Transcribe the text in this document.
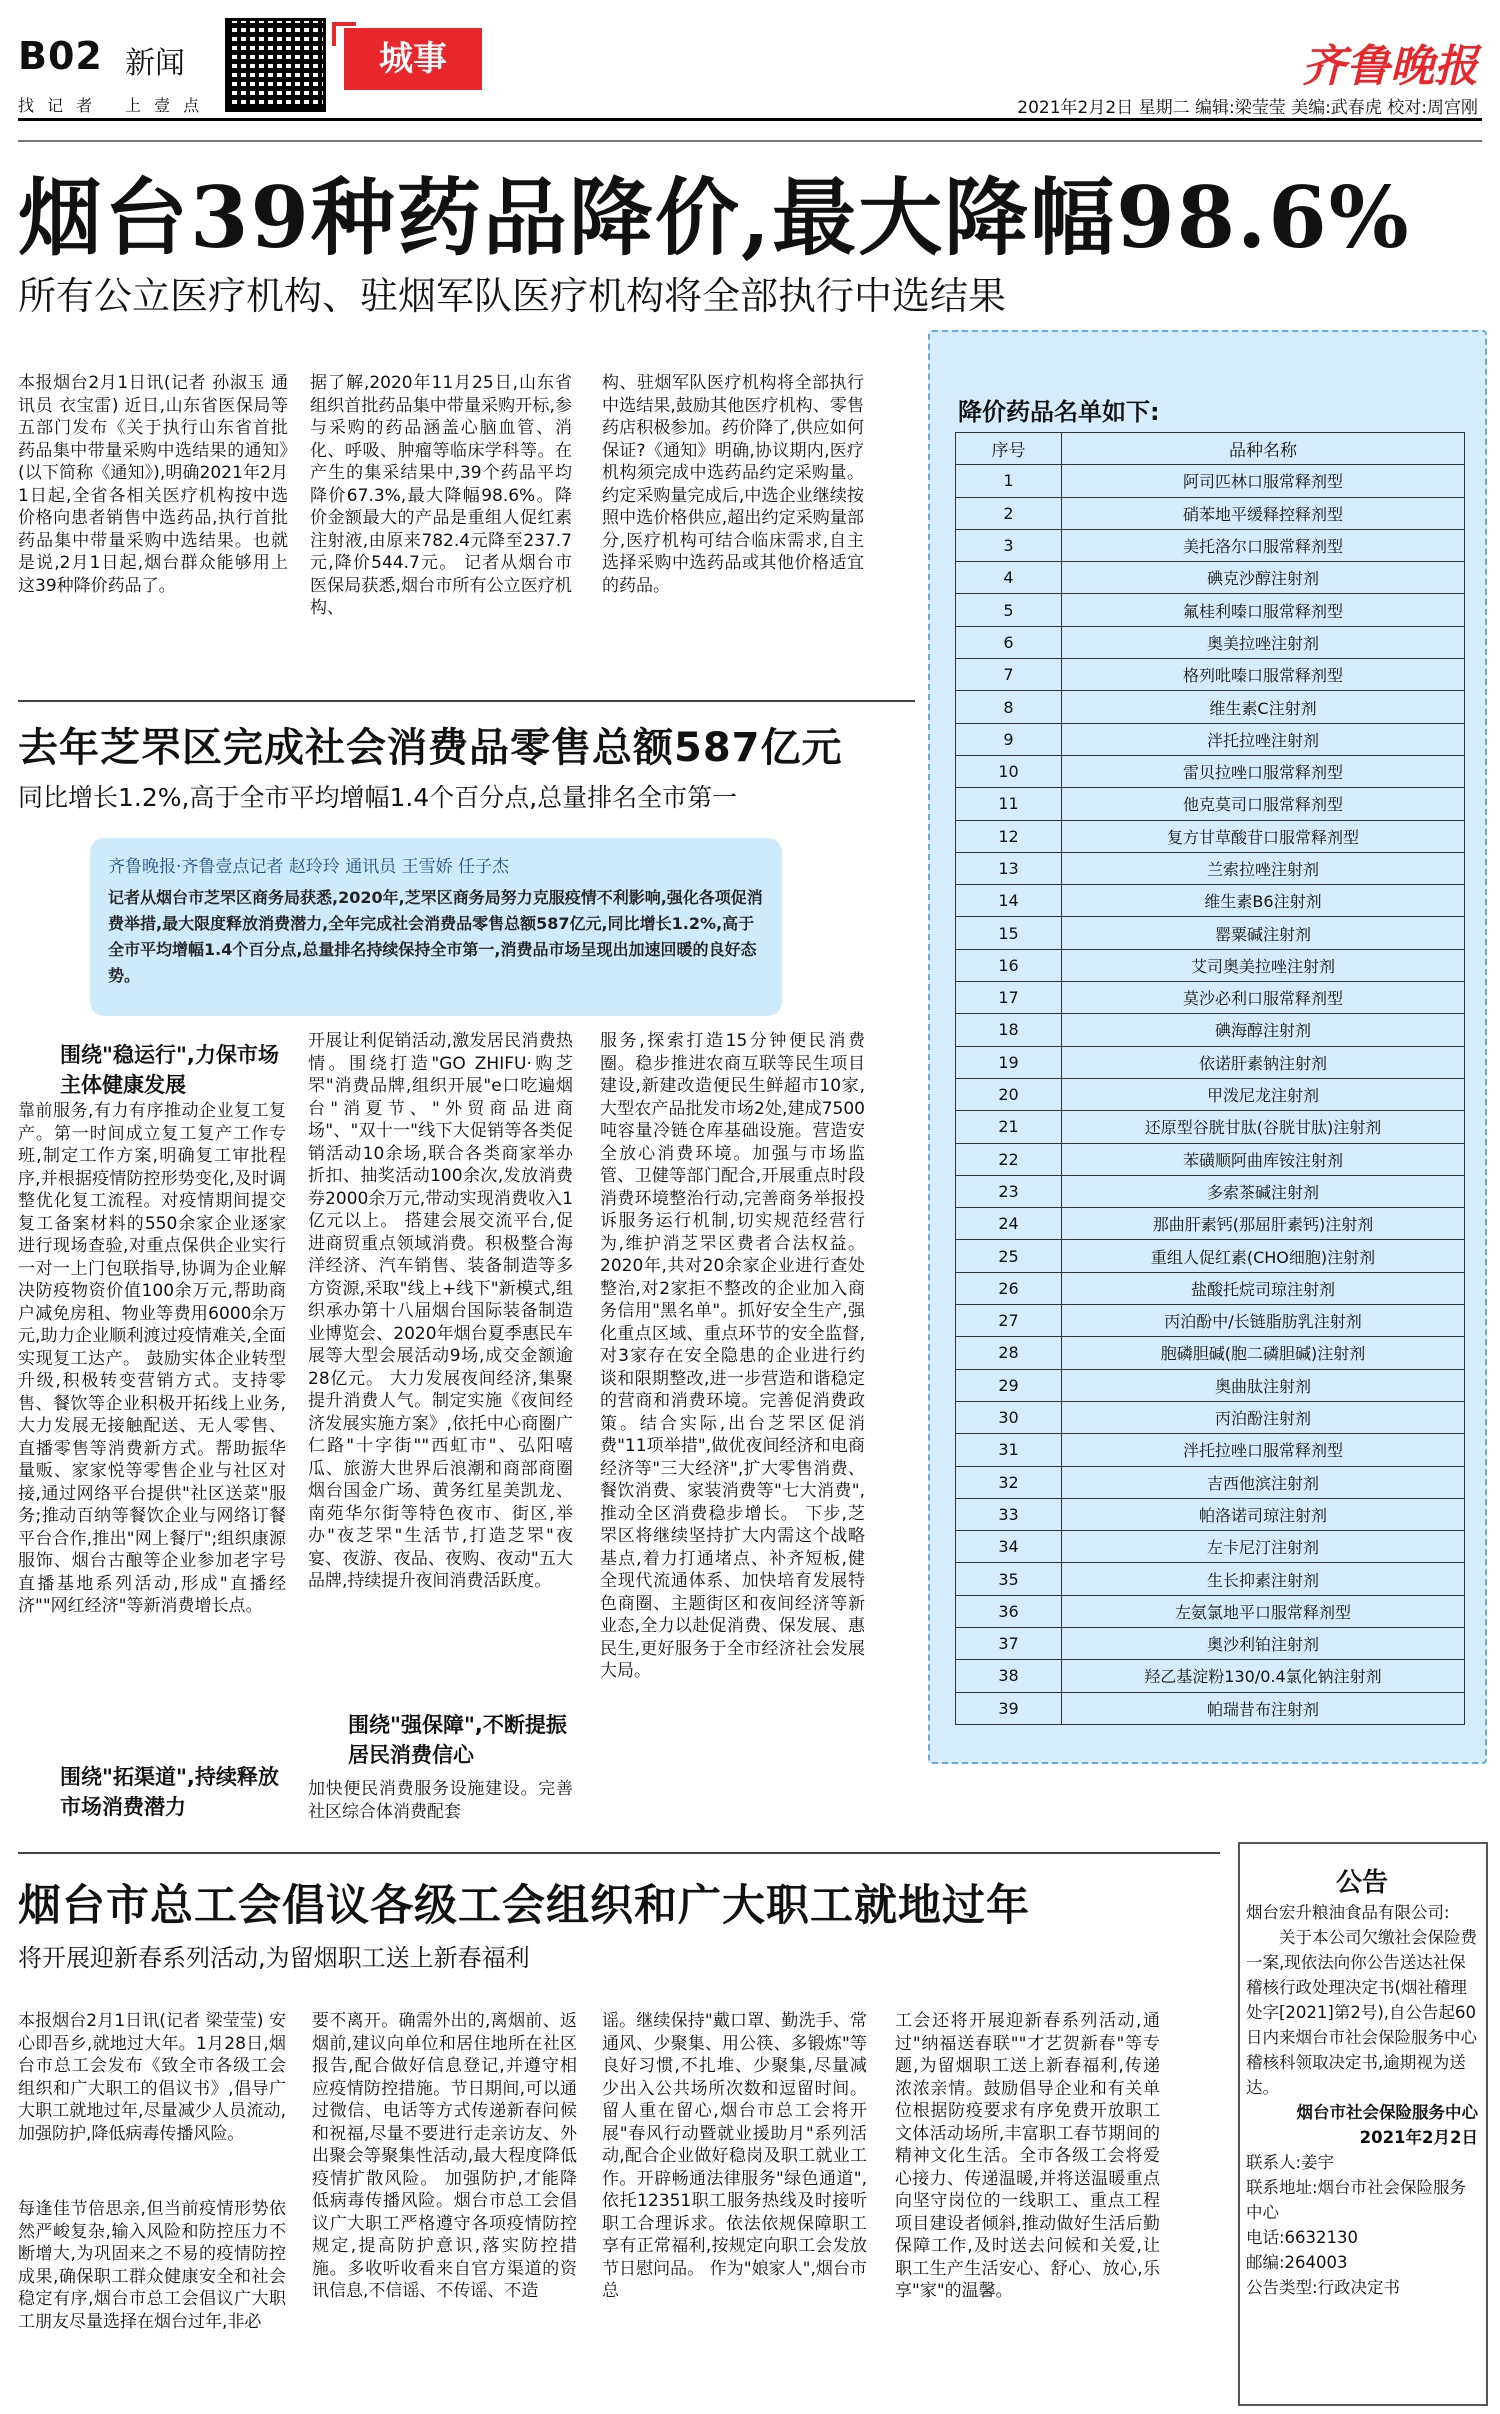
B02 新闻
找 记 者 上 壹 点
城事	齐鲁晚报
2021年2月2日 星期二 编辑:梁莹莹 美编:武春虎 校对:周宫刚
烟台39种药品降价,最大降幅98.6%
所有公立医疗机构、驻烟军队医疗机构将全部执行中选结果
本报烟台2月1日讯(记者 孙淑玉 通讯员 衣宝雷) 近日,山东省医保局等五部门发布《关于执行山东省首批药品集中带量采购中选结果的通知》(以下简称《通知》),明确2021年2月1日起,全省各相关医疗机构按中选价格向患者销售中选药品,执行首批药品集中带量采购中选结果。也就是说,2月1日起,烟台群众能够用上这39种降价药品了。
据了解,2020年11月25日,山东省组织首批药品集中带量采购开标,参与采购的药品涵盖心脑血管、消化、呼吸、肿瘤等临床学科等。在产生的集采结果中,39个药品平均降价67.3%,最大降幅98.6%。降价金额最大的产品是重组人促红素注射液,由原来782.4元降至237.7元,降价544.7元。 记者从烟台市医保局获悉,烟台市所有公立医疗机构、
构、驻烟军队医疗机构将全部执行中选结果,鼓励其他医疗机构、零售药店积极参加。药价降了,供应如何保证?《通知》明确,协议期内,医疗机构须完成中选药品约定采购量。约定采购量完成后,中选企业继续按照中选价格供应,超出约定采购量部分,医疗机构可结合临床需求,自主选择采购中选药品或其他价格适宜的药品。
降价药品名单如下:
序号	品种名称
1	阿司匹林口服常释剂型
2	硝苯地平缓释控释剂型
3	美托洛尔口服常释剂型
4	碘克沙醇注射剂
5	氟桂利嗪口服常释剂型
6	奥美拉唑注射剂
7	格列吡嗪口服常释剂型
8	维生素C注射剂
9	泮托拉唑注射剂
10	雷贝拉唑口服常释剂型
11	他克莫司口服常释剂型
12	复方甘草酸苷口服常释剂型
13	兰索拉唑注射剂
14	维生素B6注射剂
15	罂粟碱注射剂
16	艾司奥美拉唑注射剂
17	莫沙必利口服常释剂型
18	碘海醇注射剂
19	依诺肝素钠注射剂
20	甲泼尼龙注射剂
21	还原型谷胱甘肽(谷胱甘肽)注射剂
22	苯磺顺阿曲库铵注射剂
23	多索茶碱注射剂
24	那曲肝素钙(那屈肝素钙)注射剂
25	重组人促红素(CHO细胞)注射剂
26	盐酸托烷司琼注射剂
27	丙泊酚中/长链脂肪乳注射剂
28	胞磷胆碱(胞二磷胆碱)注射剂
29	奥曲肽注射剂
30	丙泊酚注射剂
31	泮托拉唑口服常释剂型
32	吉西他滨注射剂
33	帕洛诺司琼注射剂
34	左卡尼汀注射剂
35	生长抑素注射剂
36	左氨氯地平口服常释剂型
37	奥沙利铂注射剂
38	羟乙基淀粉130/0.4氯化钠注射剂
39	帕瑞昔布注射剂
去年芝罘区完成社会消费品零售总额587亿元
同比增长1.2%,高于全市平均增幅1.4个百分点,总量排名全市第一
齐鲁晚报·齐鲁壹点记者 赵玲玲 通讯员 王雪娇 任子杰
记者从烟台市芝罘区商务局获悉,2020年,芝罘区商务局努力克服疫情不利影响,强化各项促消费举措,最大限度释放消费潜力,全年完成社会消费品零售总额587亿元,同比增长1.2%,高于全市平均增幅1.4个百分点,总量排名持续保持全市第一,消费品市场呈现出加速回暖的良好态势。
围绕"稳运行",力保市场主体健康发展
靠前服务,有力有序推动企业复工复产。第一时间成立复工复产工作专班,制定工作方案,明确复工审批程序,并根据疫情防控形势变化,及时调整优化复工流程。对疫情期间提交复工备案材料的550余家企业逐家进行现场查验,对重点保供企业实行一对一上门包联指导,协调为企业解决防疫物资价值100余万元,帮助商户减免房租、物业等费用6000余万元,助力企业顺利渡过疫情难关,全面实现复工达产。 鼓励实体企业转型升级,积极转变营销方式。支持零售、餐饮等企业积极开拓线上业务,大力发展无接触配送、无人零售、直播零售等消费新方式。帮助振华量贩、家家悦等零售企业与社区对接,通过网络平台提供"社区送菜"服务;推动百纳等餐饮企业与网络订餐平台合作,推出"网上餐厅";组织康源服饰、烟台古酿等企业参加老字号直播基地系列活动,形成"直播经济""网红经济"等新消费增长点。
围绕"拓渠道",持续释放市场消费潜力
开展让利促销活动,激发居民消费热情。围绕打造"GO ZHIFU·购芝罘"消费品牌,组织开展"e口吃遍烟台"消夏节、"外贸商品进商场"、"双十一"线下大促销等各类促销活动10余场,联合各类商家举办折扣、抽奖活动100余次,发放消费券2000余万元,带动实现消费收入1亿元以上。 搭建会展交流平台,促进商贸重点领域消费。积极整合海洋经济、汽车销售、装备制造等多方资源,采取"线上+线下"新模式,组织承办第十八届烟台国际装备制造业博览会、2020年烟台夏季惠民车展等大型会展活动9场,成交金额逾28亿元。 大力发展夜间经济,集聚提升消费人气。制定实施《夜间经济发展实施方案》,依托中心商圈广仁路"十字街""西虹市"、弘阳嘻瓜、旅游大世界后浪潮和商部商圈烟台国金广场、黄务红星美凯龙、南苑华尔街等特色夜市、街区,举办"夜芝罘"生活节,打造芝罘"夜宴、夜游、夜品、夜购、夜动"五大品牌,持续提升夜间消费活跃度。
围绕"强保障",不断提振居民消费信心
加快便民消费服务设施建设。完善社区综合体消费配套
服务,探索打造15分钟便民消费圈。稳步推进农商互联等民生项目建设,新建改造便民生鲜超市10家,大型农产品批发市场2处,建成7500吨容量冷链仓库基础设施。营造安全放心消费环境。加强与市场监管、卫健等部门配合,开展重点时段消费环境整治行动,完善商务举报投诉服务运行机制,切实规范经营行为,维护消芝罘区费者合法权益。2020年,共对20余家企业进行查处整治,对2家拒不整改的企业加入商务信用"黑名单"。抓好安全生产,强化重点区域、重点环节的安全监督,对3家存在安全隐患的企业进行约谈和限期整改,进一步营造和谐稳定的营商和消费环境。完善促消费政策。结合实际,出台芝罘区促消费"11项举措",做优夜间经济和电商经济等"三大经济",扩大零售消费、餐饮消费、家装消费等"七大消费",推动全区消费稳步增长。 下步,芝罘区将继续坚持扩大内需这个战略基点,着力打通堵点、补齐短板,健全现代流通体系、加快培育发展特色商圈、主题街区和夜间经济等新业态,全力以赴促消费、保发展、惠民生,更好服务于全市经济社会发展大局。
烟台市总工会倡议各级工会组织和广大职工就地过年
将开展迎新春系列活动,为留烟职工送上新春福利
本报烟台2月1日讯(记者 梁莹莹) 安心即吾乡,就地过大年。1月28日,烟台市总工会发布《致全市各级工会组织和广大职工的倡议书》,倡导广大职工就地过年,尽量减少人员流动,加强防护,降低病毒传播风险。
每逢佳节倍思亲,但当前疫情形势依然严峻复杂,输入风险和防控压力不断增大,为巩固来之不易的疫情防控成果,确保职工群众健康安全和社会稳定有序,烟台市总工会倡议广大职工朋友尽量选择在烟台过年,非必
要不离开。确需外出的,离烟前、返烟前,建议向单位和居住地所在社区报告,配合做好信息登记,并遵守相应疫情防控措施。节日期间,可以通过微信、电话等方式传递新春问候和祝福,尽量不要进行走亲访友、外出聚会等聚集性活动,最大程度降低疫情扩散风险。 加强防护,才能降低病毒传播风险。烟台市总工会倡议广大职工严格遵守各项疫情防控规定,提高防护意识,落实防控措施。多收听收看来自官方渠道的资讯信息,不信谣、不传谣、不造
谣。继续保持"戴口罩、勤洗手、常通风、少聚集、用公筷、多锻炼"等良好习惯,不扎堆、少聚集,尽量减少出入公共场所次数和逗留时间。 留人重在留心,烟台市总工会将开展"春风行动暨就业援助月"系列活动,配合企业做好稳岗及职工就业工作。开辟畅通法律服务"绿色通道",依托12351职工服务热线及时接听职工合理诉求。依法依规保障职工享有正常福利,按规定向职工会发放节日慰问品。 作为"娘家人",烟台市总
工会还将开展迎新春系列活动,通过"纳福送春联""才艺贺新春"等专题,为留烟职工送上新春福利,传递浓浓亲情。鼓励倡导企业和有关单位根据防疫要求有序免费开放职工文体活动场所,丰富职工春节期间的精神文化生活。全市各级工会将爱心接力、传递温暖,并将送温暖重点向坚守岗位的一线职工、重点工程项目建设者倾斜,推动做好生活后勤保障工作,及时送去问候和关爱,让职工生产生活安心、舒心、放心,乐享"家"的温馨。
公告
烟台宏升粮油食品有限公司:
关于本公司欠缴社会保险费一案,现依法向你公告送达社保稽核行政处理决定书(烟社稽理处字[2021]第2号),自公告起60日内来烟台市社会保险服务中心稽核科领取决定书,逾期视为送达。
烟台市社会保险服务中心
2021年2月2日
联系人:姜宇
联系地址:烟台市社会保险服务中心
电话:6632130
邮编:264003
公告类型:行政决定书
